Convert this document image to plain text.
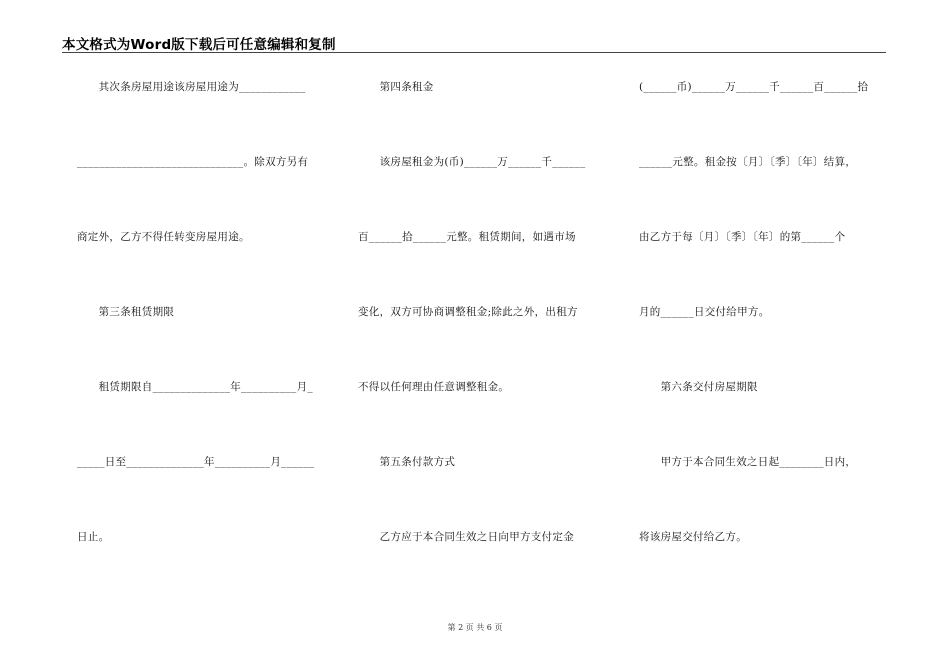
本文格式为Word版下载后可任意编辑和复制
　　其次条房屋用途该房屋用途为____________
______________________________。除双方另有
商定外，乙方不得任转变房屋用途。
　　第三条租赁期限
　　租赁期限自______________年__________月_
_____日至______________年__________月______
日止。
　　第四条租金
　　该房屋租金为(币)______万______千______
百______拾______元整。租赁期间，如遇市场
变化，双方可协商调整租金;除此之外，出租方
不得以任何理由任意调整租金。
　　第五条付款方式
　　乙方应于本合同生效之日向甲方支付定金
(______币)______万______千______百______拾
______元整。租金按〔月〕〔季〕〔年〕结算，
由乙方于每〔月〕〔季〕〔年〕的第______个
月的______日交付给甲方。
　　第六条交付房屋期限
　　甲方于本合同生效之日起________日内，
将该房屋交付给乙方。
第 2 页 共 6 页
